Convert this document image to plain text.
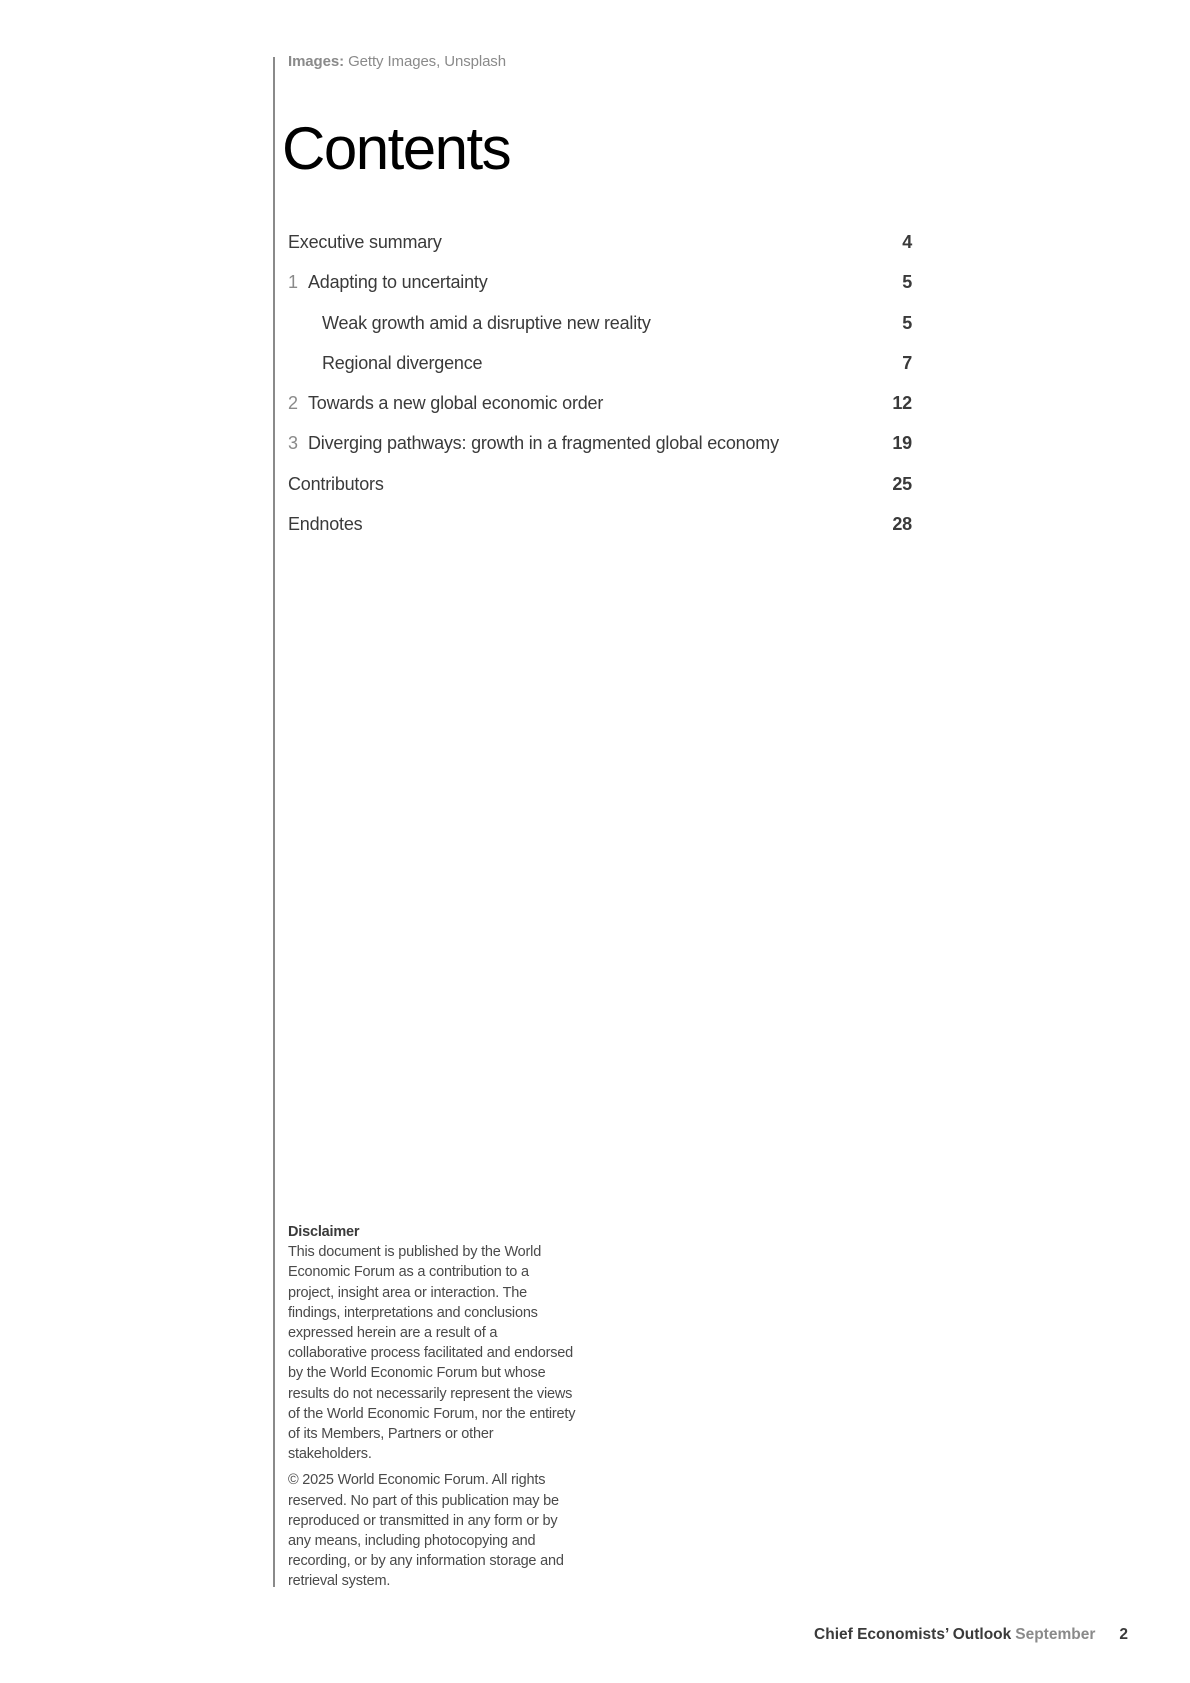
Images: Getty Images, Unsplash
Contents
Executive summary	4
1 Adapting to uncertainty	5
Weak growth amid a disruptive new reality	5
Regional divergence	7
2 Towards a new global economic order	12
3 Diverging pathways: growth in a fragmented global economy	19
Contributors	25
Endnotes	28

Disclaimer

This document is published by the World Economic Forum as a contribution to a project, insight area or interaction. The findings, interpretations and conclusions expressed herein are a result of a collaborative process facilitated and endorsed by the World Economic Forum but whose results do not necessarily represent the views of the World Economic Forum, nor the entirety of its Members, Partners or other stakeholders.

© 2025 World Economic Forum. All rights reserved. No part of this publication may be reproduced or transmitted in any form or by any means, including photocopying and recording, or by any information storage and retrieval system.

Chief Economists’ Outlook September 2
